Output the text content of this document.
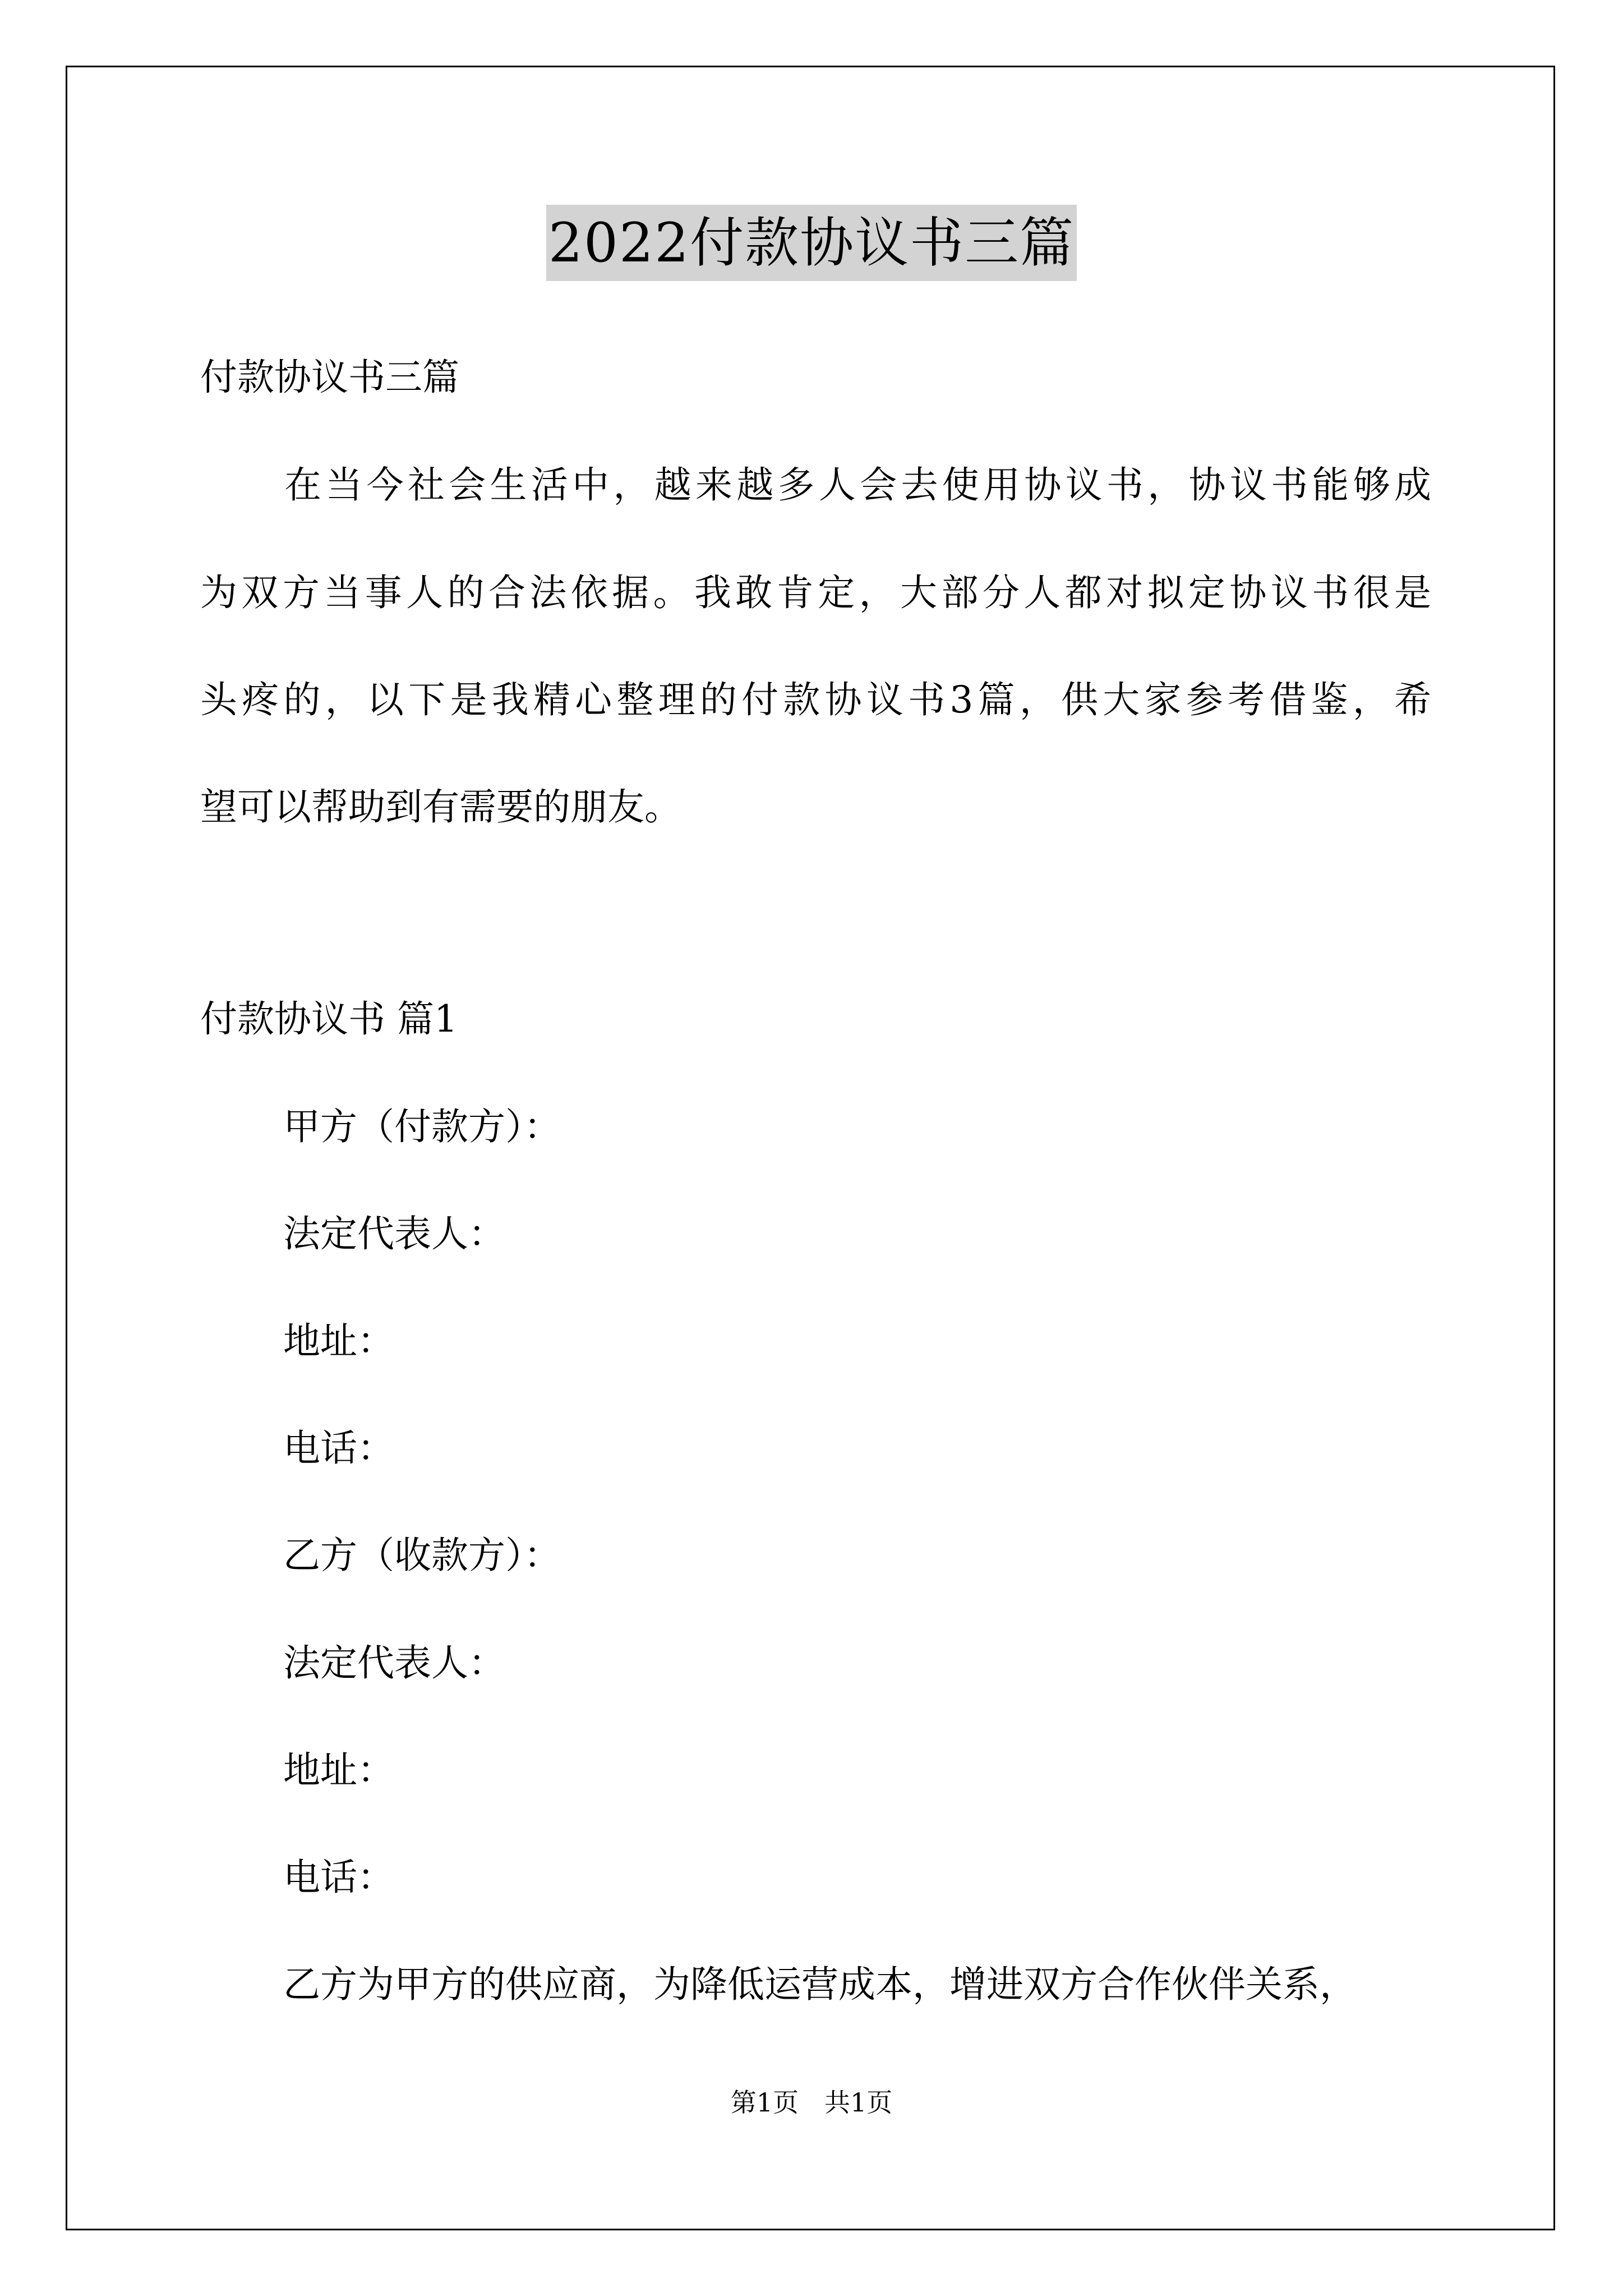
2022付款协议书三篇
付款协议书三篇
在当今社会生活中，越来越多人会去使用协议书，协议书能够成
为双方当事人的合法依据。我敢肯定，大部分人都对拟定协议书很是
头疼的，以下是我精心整理的付款协议书3篇，供大家参考借鉴，希
望可以帮助到有需要的朋友。
付款协议书 篇1
甲方（付款方）：
法定代表人：
地址：
电话：
乙方（收款方）：
法定代表人：
地址：
电话：
乙方为甲方的供应商，为降低运营成本，增进双方合作伙伴关系，
第1页　共1页
